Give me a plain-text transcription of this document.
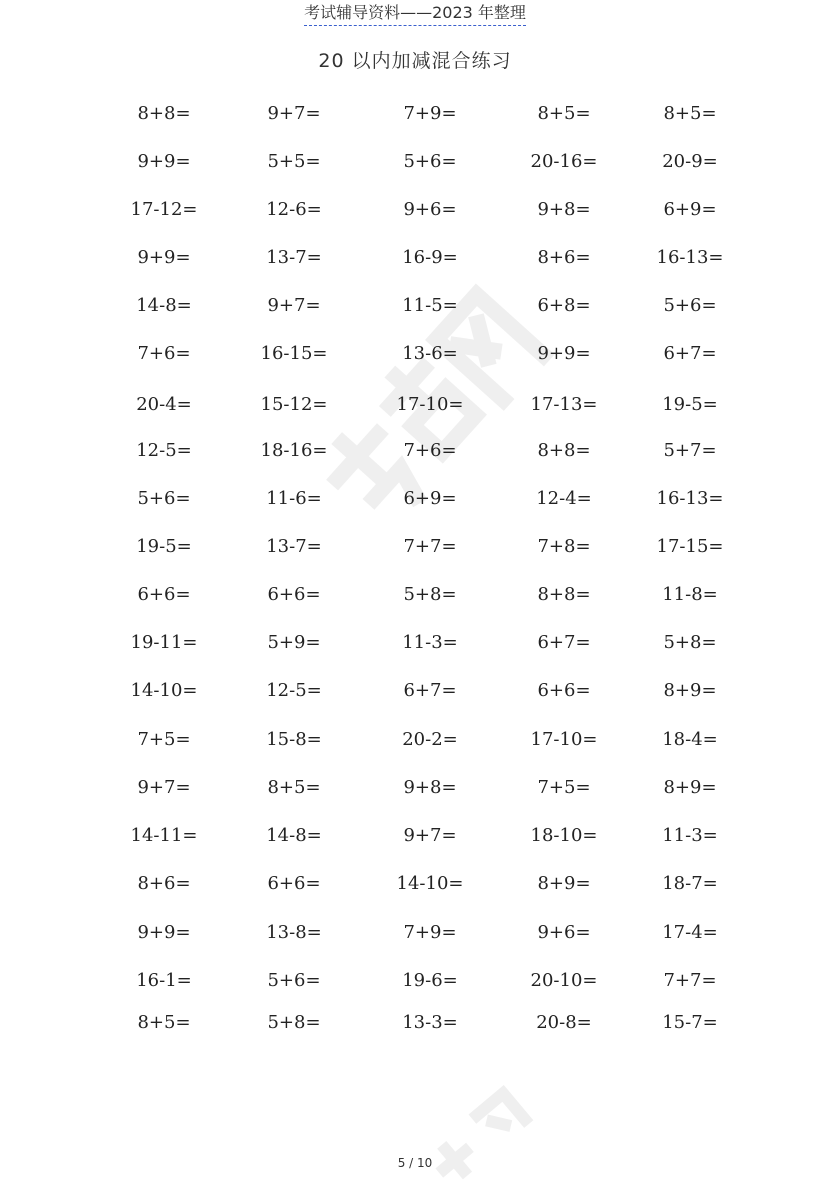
考试辅导资料——2023 年整理
20 以内加减混合练习
8+8=	9+7=	7+9=	8+5=	8+5=
9+9=	5+5=	5+6=	20-16=	20-9=
17-12=	12-6=	9+6=	9+8=	6+9=
9+9=	13-7=	16-9=	8+6=	16-13=
14-8=	9+7=	11-5=	6+8=	5+6=
7+6=	16-15=	13-6=	9+9=	6+7=
20-4=	15-12=	17-10=	17-13=	19-5=
12-5=	18-16=	7+6=	8+8=	5+7=
5+6=	11-6=	6+9=	12-4=	16-13=
19-5=	13-7=	7+7=	7+8=	17-15=
6+6=	6+6=	5+8=	8+8=	11-8=
19-11=	5+9=	11-3=	6+7=	5+8=
14-10=	12-5=	6+7=	6+6=	8+9=
7+5=	15-8=	20-2=	17-10=	18-4=
9+7=	8+5=	9+8=	7+5=	8+9=
14-11=	14-8=	9+7=	18-10=	11-3=
8+6=	6+6=	14-10=	8+9=	18-7=
9+9=	13-8=	7+9=	9+6=	17-4=
16-1=	5+6=	19-6=	20-10=	7+7=
8+5=	5+8=	13-3=	20-8=	15-7=
5 / 10
